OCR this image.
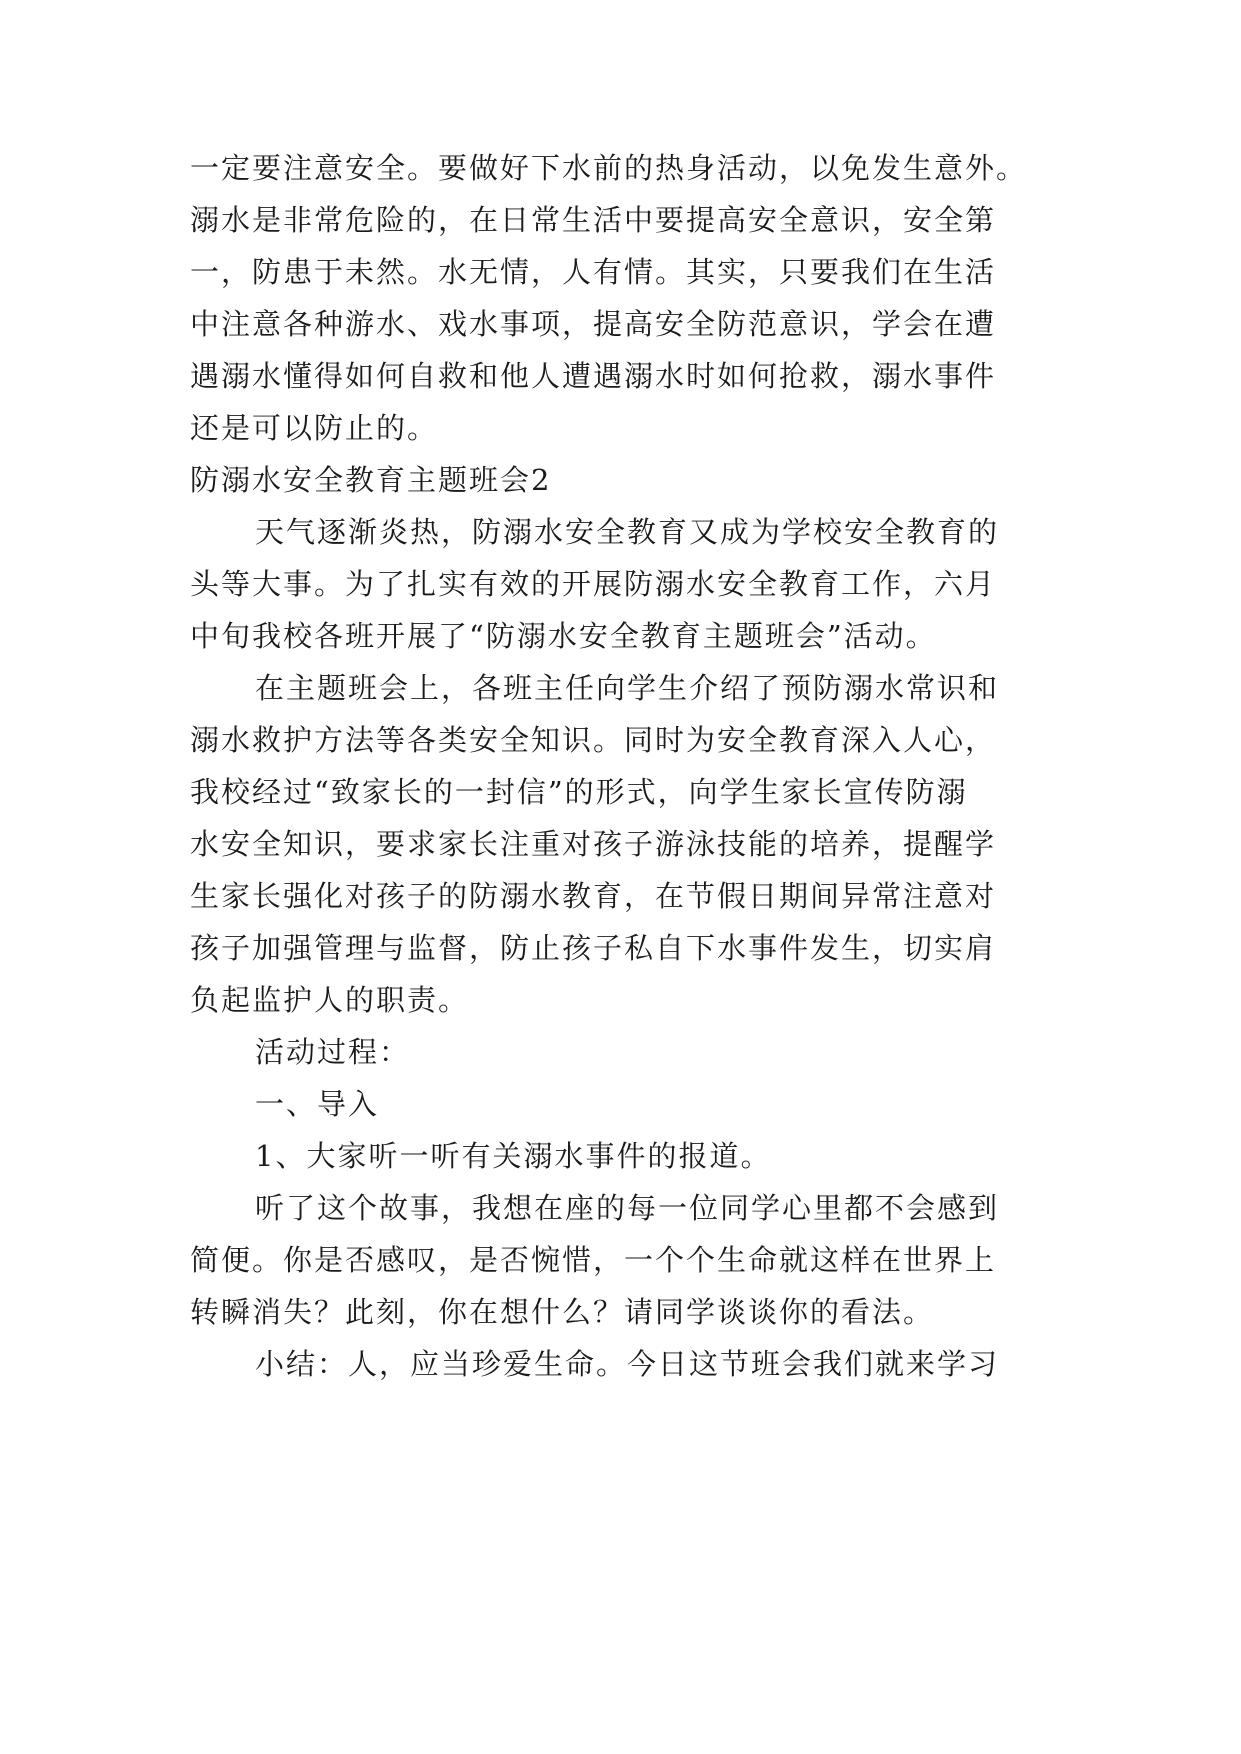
一定要注意安全。要做好下水前的热身活动，以免发生意外。
溺水是非常危险的，在日常生活中要提高安全意识，安全第
一，防患于未然。水无情，人有情。其实，只要我们在生活
中注意各种游水、戏水事项，提高安全防范意识，学会在遭
遇溺水懂得如何自救和他人遭遇溺水时如何抢救，溺水事件
还是可以防止的。
防溺水安全教育主题班会2
天气逐渐炎热，防溺水安全教育又成为学校安全教育的
头等大事。为了扎实有效的开展防溺水安全教育工作，六月
中旬我校各班开展了“防溺水安全教育主题班会”活动。
在主题班会上，各班主任向学生介绍了预防溺水常识和
溺水救护方法等各类安全知识。同时为安全教育深入人心，
我校经过“致家长的一封信”的形式，向学生家长宣传防溺
水安全知识，要求家长注重对孩子游泳技能的培养，提醒学
生家长强化对孩子的防溺水教育，在节假日期间异常注意对
孩子加强管理与监督，防止孩子私自下水事件发生，切实肩
负起监护人的职责。
活动过程：
一、导入
1、大家听一听有关溺水事件的报道。
听了这个故事，我想在座的每一位同学心里都不会感到
简便。你是否感叹，是否惋惜，一个个生命就这样在世界上
转瞬消失？此刻，你在想什么？请同学谈谈你的看法。
小结：人，应当珍爱生命。今日这节班会我们就来学习
